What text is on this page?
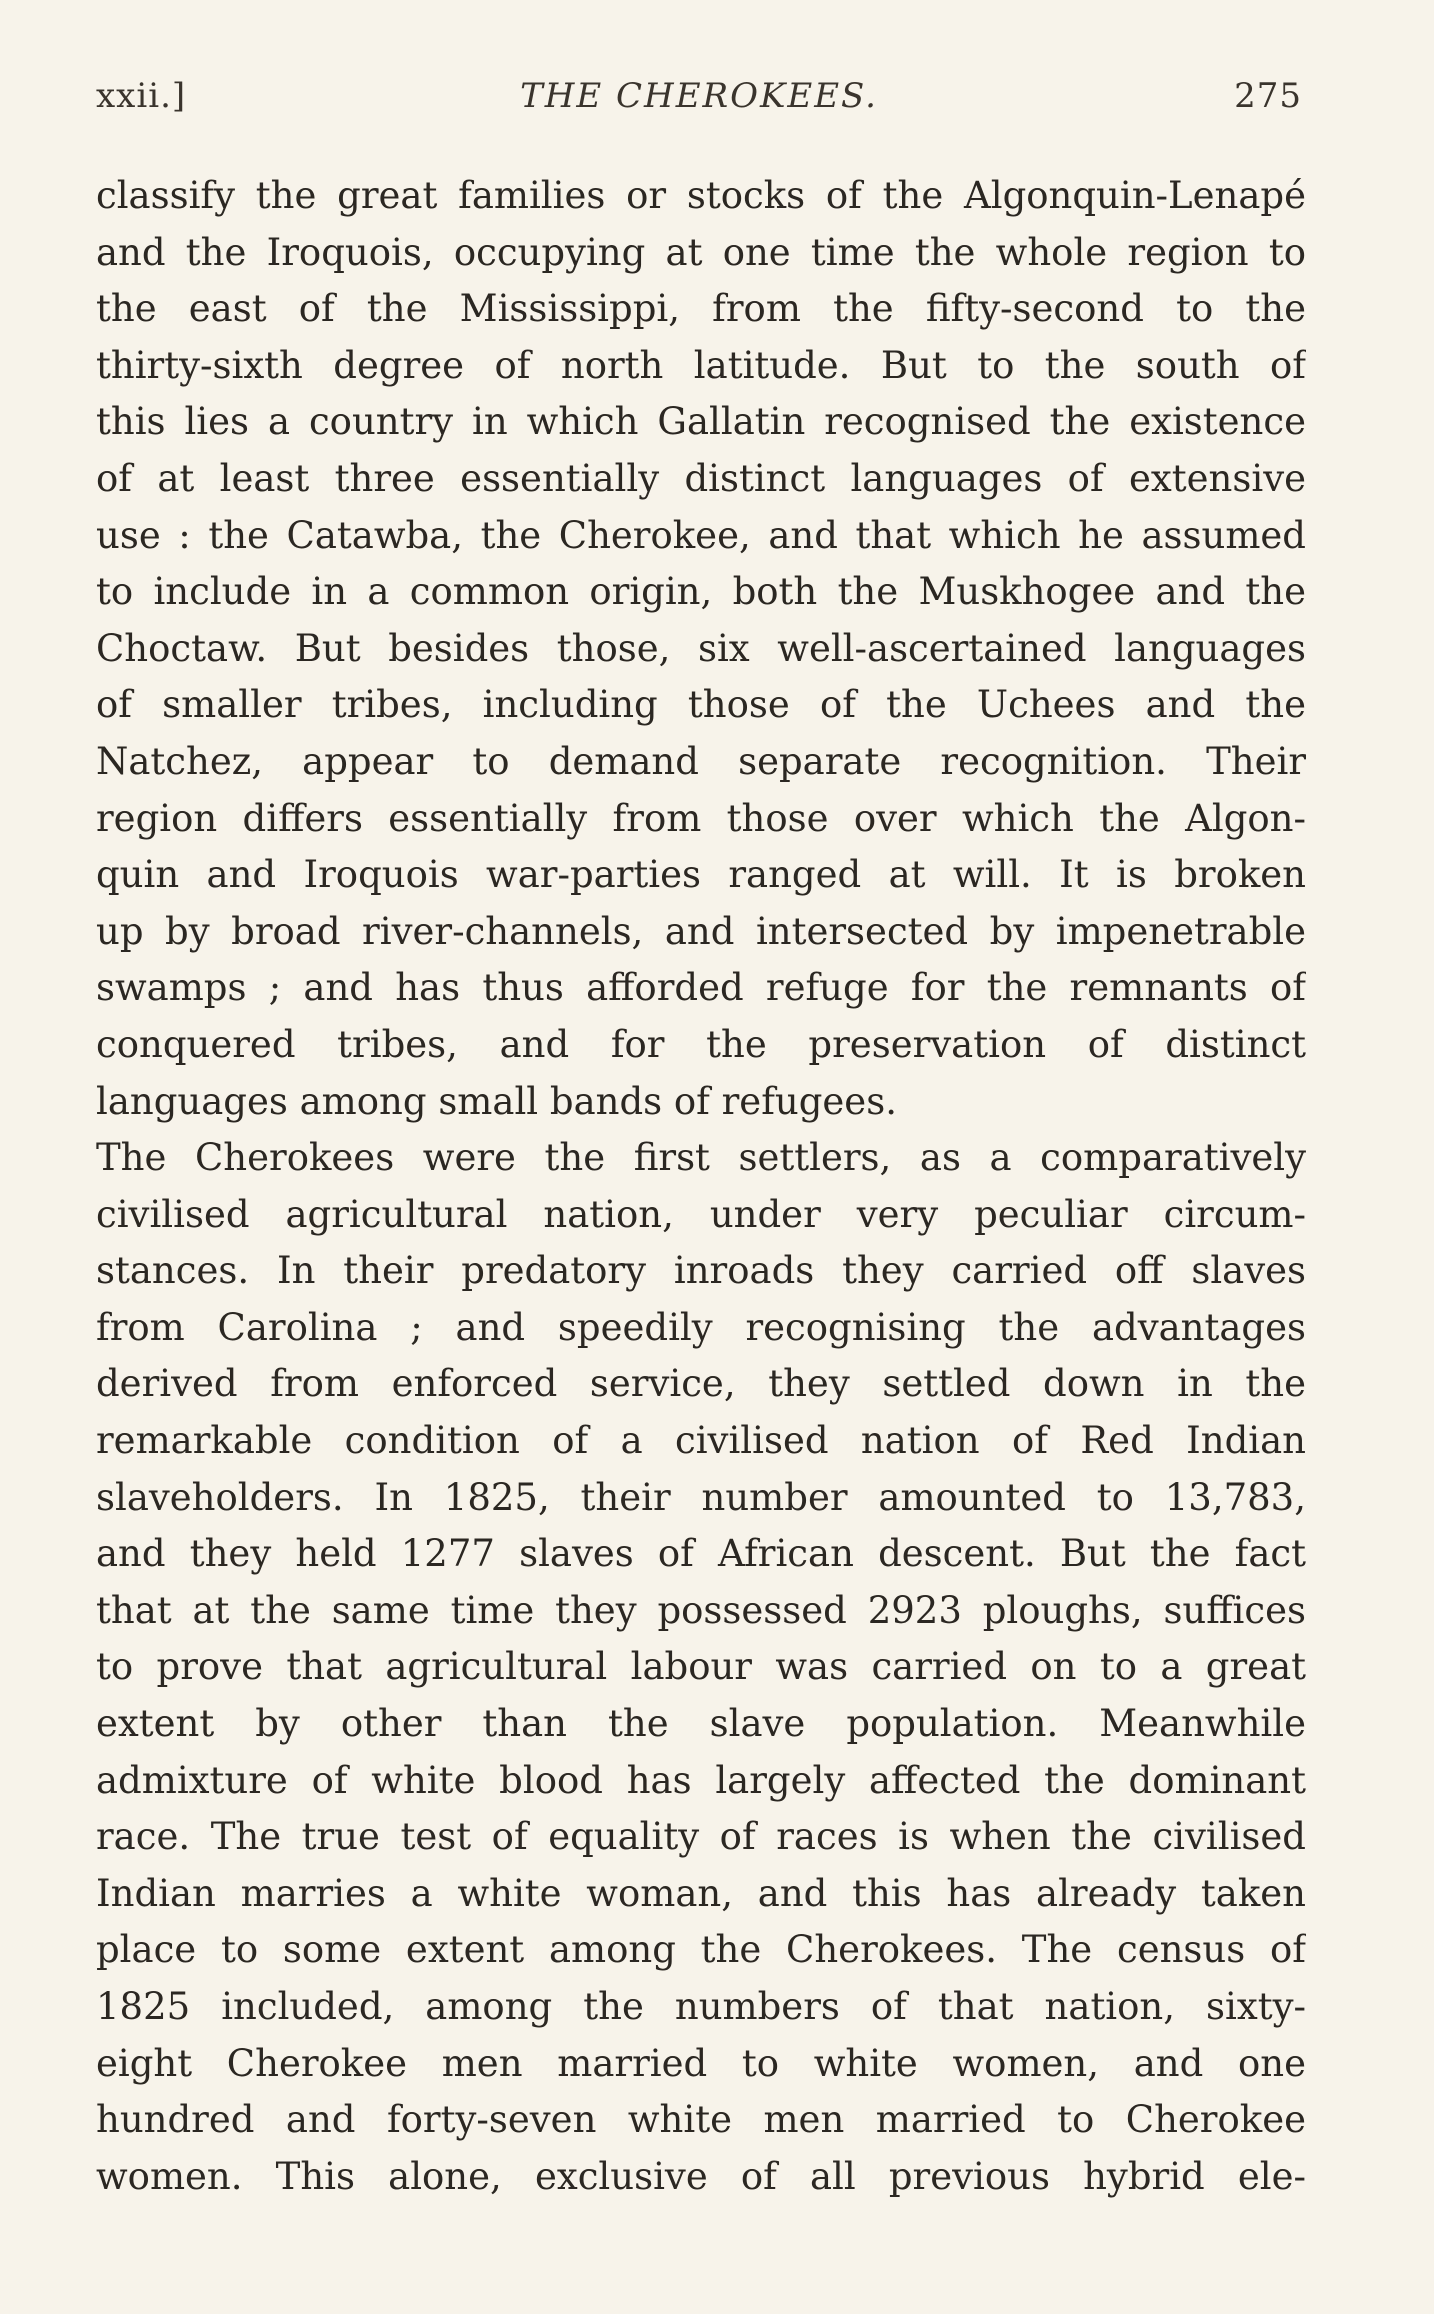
xxii.]	THE CHEROKEES.	275
classify the great families or stocks of the Algonquin-Lenapé
and the Iroquois, occupying at one time the whole region to
the east of the Mississippi, from the fifty-second to the
thirty-sixth degree of north latitude. But to the south of
this lies a country in which Gallatin recognised the existence
of at least three essentially distinct languages of extensive
use : the Catawba, the Cherokee, and that which he assumed
to include in a common origin, both the Muskhogee and the
Choctaw. But besides those, six well-ascertained languages
of smaller tribes, including those of the Uchees and the
Natchez, appear to demand separate recognition. Their
region differs essentially from those over which the Algon-
quin and Iroquois war-parties ranged at will. It is broken
up by broad river-channels, and intersected by impenetrable
swamps ; and has thus afforded refuge for the remnants of
conquered tribes, and for the preservation of distinct
languages among small bands of refugees.
The Cherokees were the first settlers, as a comparatively
civilised agricultural nation, under very peculiar circum-
stances. In their predatory inroads they carried off slaves
from Carolina ; and speedily recognising the advantages
derived from enforced service, they settled down in the
remarkable condition of a civilised nation of Red Indian
slaveholders. In 1825, their number amounted to 13,783,
and they held 1277 slaves of African descent. But the fact
that at the same time they possessed 2923 ploughs, suffices
to prove that agricultural labour was carried on to a great
extent by other than the slave population. Meanwhile
admixture of white blood has largely affected the dominant
race. The true test of equality of races is when the civilised
Indian marries a white woman, and this has already taken
place to some extent among the Cherokees. The census of
1825 included, among the numbers of that nation, sixty-
eight Cherokee men married to white women, and one
hundred and forty-seven white men married to Cherokee
women. This alone, exclusive of all previous hybrid ele-
